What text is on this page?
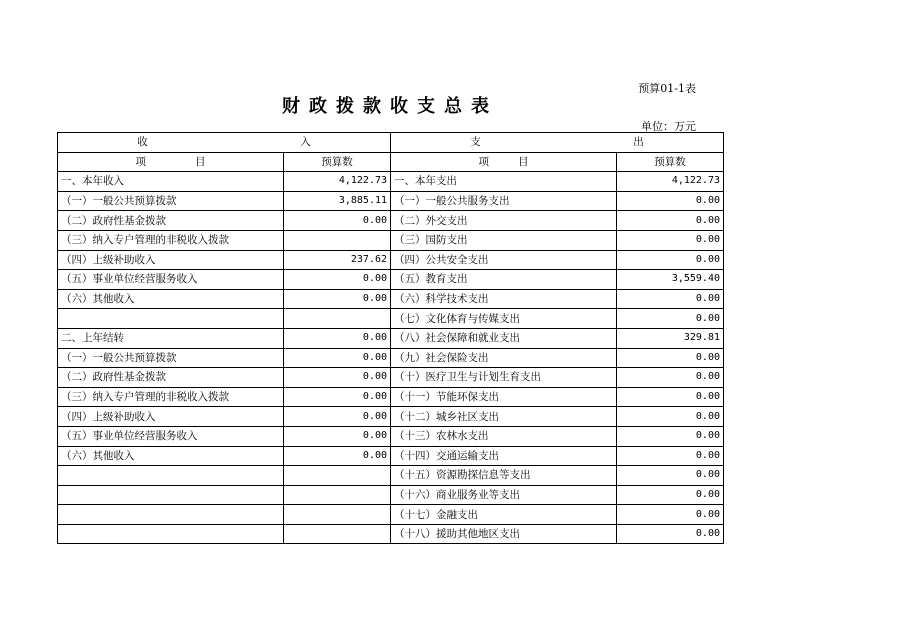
预算01-1表
财政拨款收支总表
单位：万元
收 入		支 出	

项 目	预算数	项 目	预算数
一、本年收入	4,122.73	一、本年支出	4,122.73
（一）一般公共预算拨款	3,885.11	（一）一般公共服务支出	0.00
（二）政府性基金拨款	0.00	（二）外交支出	0.00
（三）纳入专户管理的非税收入拨款		（三）国防支出	0.00
（四）上级补助收入	237.62	（四）公共安全支出	0.00
（五）事业单位经营服务收入	0.00	（五）教育支出	3,559.40
（六）其他收入	0.00	（六）科学技术支出	0.00
		（七）文化体育与传媒支出	0.00
二、上年结转	0.00	（八）社会保障和就业支出	329.81
（一）一般公共预算拨款	0.00	（九）社会保险支出	0.00
（二）政府性基金拨款	0.00	（十）医疗卫生与计划生育支出	0.00
（三）纳入专户管理的非税收入拨款	0.00	（十一）节能环保支出	0.00
（四）上级补助收入	0.00	（十二）城乡社区支出	0.00
（五）事业单位经营服务收入	0.00	（十三）农林水支出	0.00
（六）其他收入	0.00	（十四）交通运输支出	0.00
		（十五）资源勘探信息等支出	0.00
		（十六）商业服务业等支出	0.00
		（十七）金融支出	0.00
		（十八）援助其他地区支出	0.00
